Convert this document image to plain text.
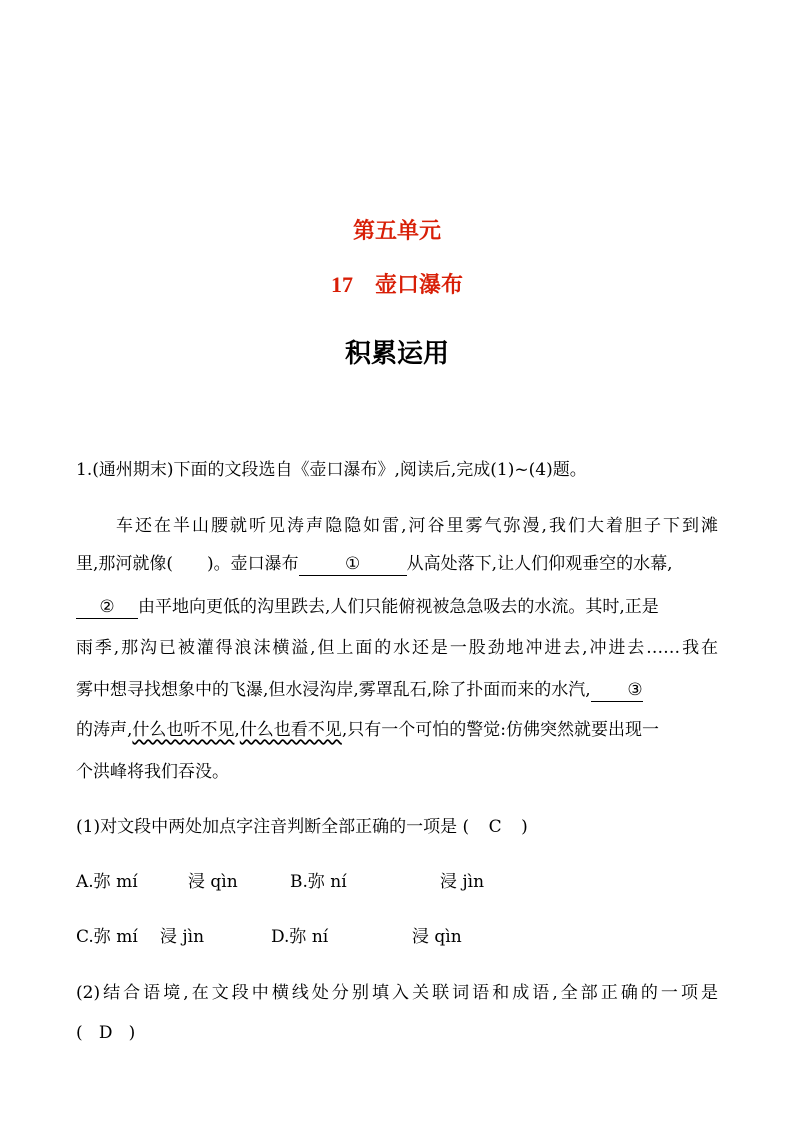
第五单元
17 壶口瀑布
积累运用
1.(通州期末)下面的文段选自《壶口瀑布》,阅读后,完成(1)~(4)题。
车还在半山腰就听见涛声隐隐如雷,河谷里雾气弥漫,我们大着胆子下到滩
里,那河就像(　　)。壶口瀑布	①	从高处落下,让人们仰观垂空的水幕,
② 由平地向更低的沟里跌去,人们只能俯视被急急吸去的水流。其时,正是
雨季,那沟已被灌得浪沫横溢,但上面的水还是一股劲地冲进去,冲进去……我在
雾中想寻找想象中的飞瀑,但水浸沟岸,雾罩乱石,除了扑面而来的水汽, ③
的涛声,什么也听不见,什么也看不见,只有一个可怕的警觉:仿佛突然就要出现一
个洪峰将我们吞没。
(1)对文段中两处加点字注音判断全部正确的一项是 ( C )
A.弥 mí	浸 qìn	B.弥 ní	浸 jìn
C.弥 mí 浸 jìn	D.弥 ní	浸 qìn
(2)结合语境,在文段中横线处分别填入关联词语和成语,全部正确的一项是
( D )
